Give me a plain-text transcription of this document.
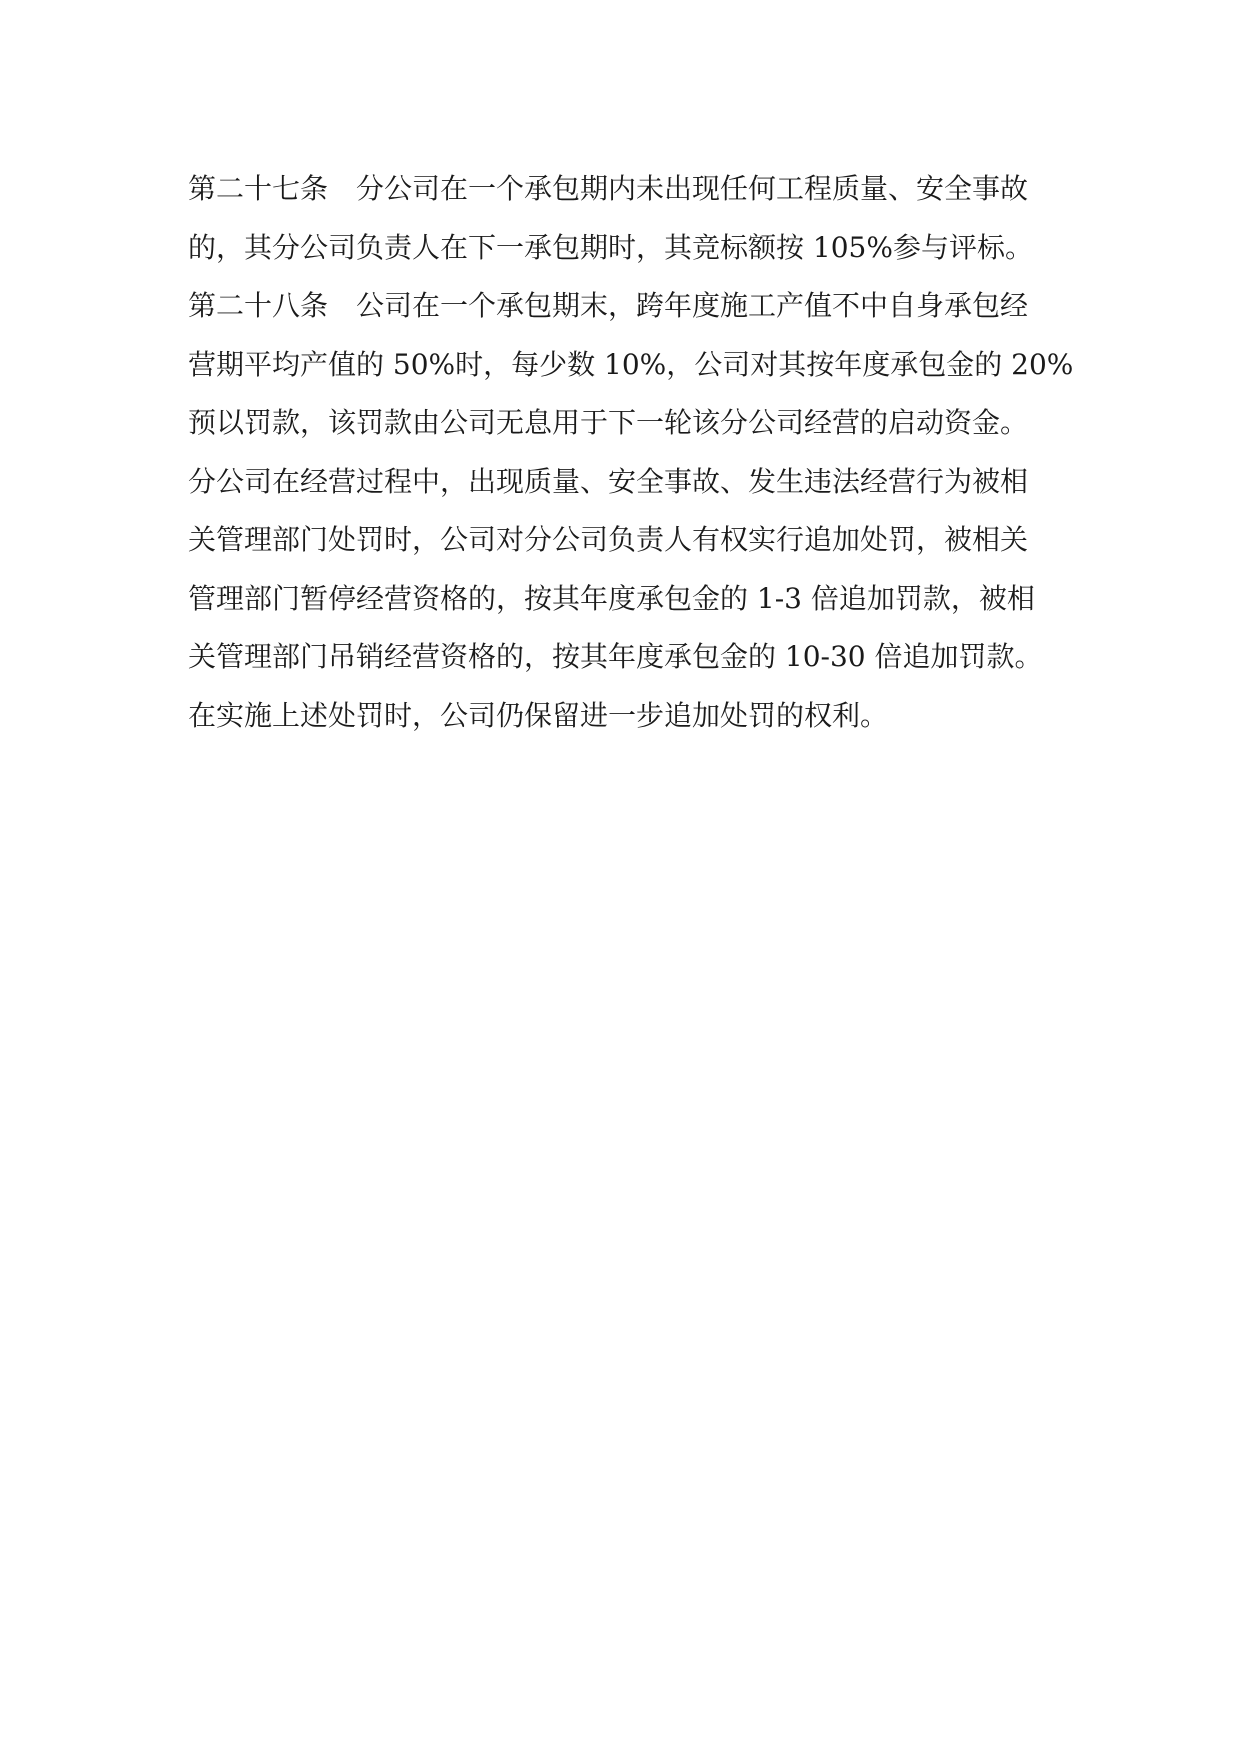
第二十七条　分公司在一个承包期内未出现任何工程质量、安全事故
的，其分公司负责人在下一承包期时，其竞标额按 105%参与评标。
第二十八条　公司在一个承包期末，跨年度施工产值不中自身承包经
营期平均产值的 50%时，每少数 10%，公司对其按年度承包金的 20%
预以罚款，该罚款由公司无息用于下一轮该分公司经营的启动资金。
分公司在经营过程中，出现质量、安全事故、发生违法经营行为被相
关管理部门处罚时，公司对分公司负责人有权实行追加处罚，被相关
管理部门暂停经营资格的，按其年度承包金的 1-3 倍追加罚款，被相
关管理部门吊销经营资格的，按其年度承包金的 10-30 倍追加罚款。
在实施上述处罚时，公司仍保留进一步追加处罚的权利。
